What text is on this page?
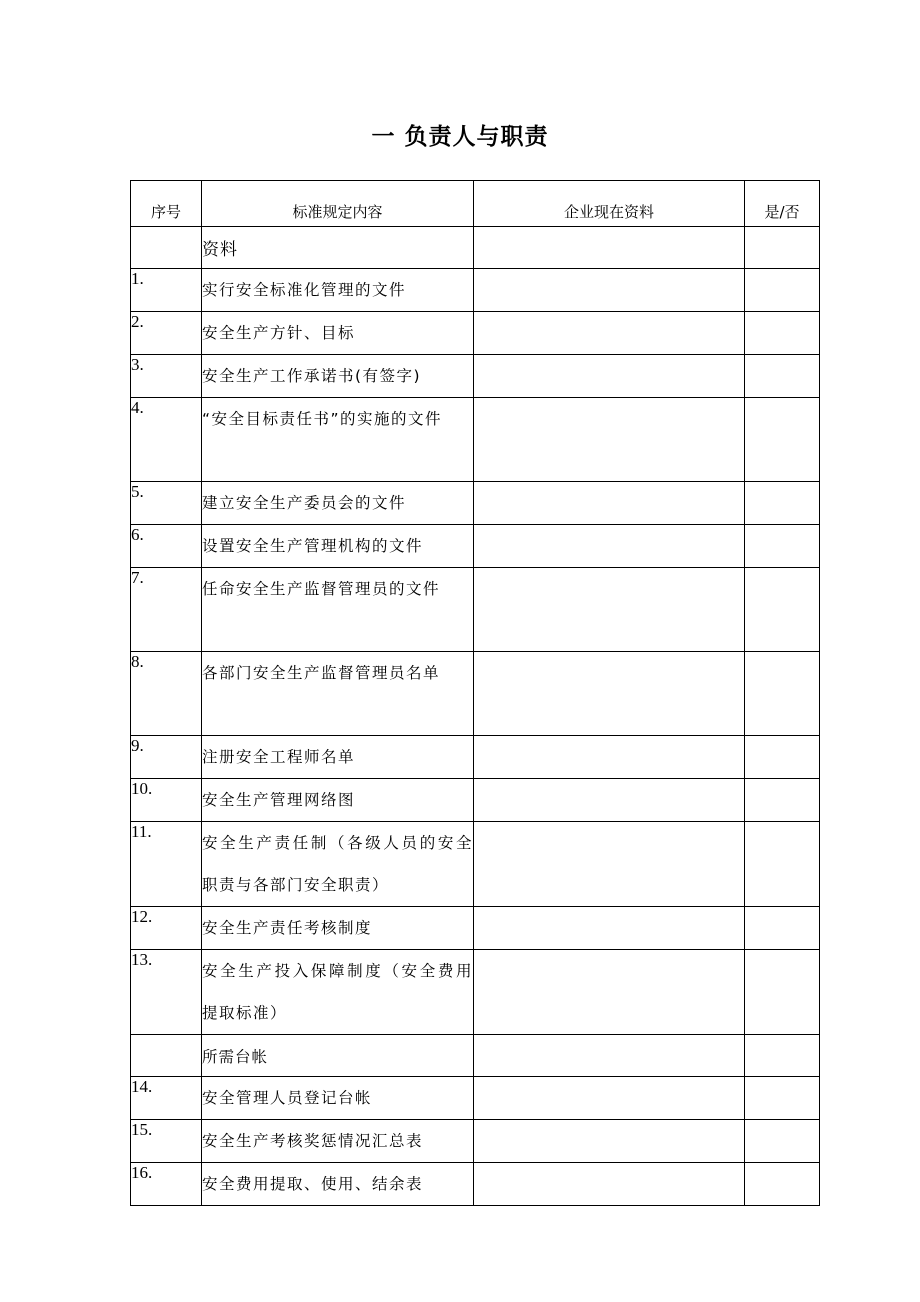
一 负责人与职责
序号	标准规定内容	企业现在资料	是/否
	资料		
1.	实行安全标准化管理的文件		
2.	安全生产方针、目标		
3.	安全生产工作承诺书(有签字)		
4.	“安全目标责任书”的实施的文件		
5.	建立安全生产委员会的文件		
6.	设置安全生产管理机构的文件		
7.	任命安全生产监督管理员的文件		
8.	各部门安全生产监督管理员名单		
9.	注册安全工程师名单		
10.	安全生产管理网络图		
11.	安全生产责任制（各级人员的安全职责与各部门安全职责）		
12.	安全生产责任考核制度		
13.	安全生产投入保障制度（安全费用提取标准）		
	所需台帐		
14.	安全管理人员登记台帐		
15.	安全生产考核奖惩情况汇总表		
16.	安全费用提取、使用、结余表		
